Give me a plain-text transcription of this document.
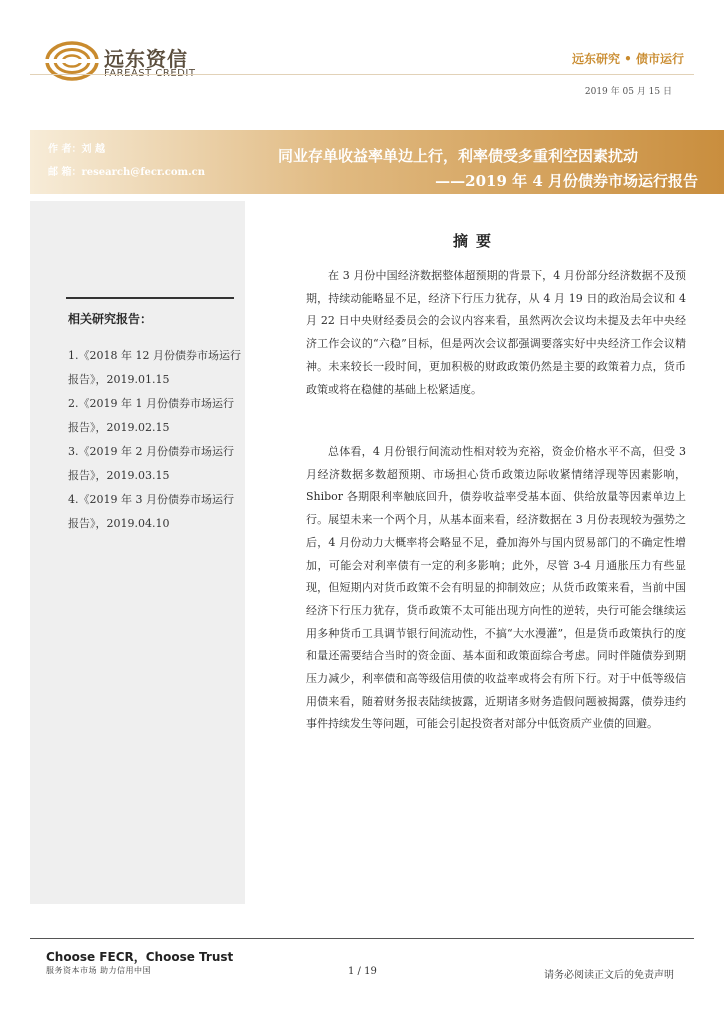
远东资信	远东研究 • 债市运行
2019 年 05 月 15 日
作 者：刘 越
邮 箱：research@fecr.com.cn
同业存单收益率单边上行，利率债受多重利空因素扰动
——2019 年 4 月份债券市场运行报告
相关研究报告：
1.《2018 年 12 月份债券市场运行报告》，2019.01.15
2.《2019 年 1 月份债券市场运行报告》，2019.02.15
3.《2019 年 2 月份债券市场运行报告》，2019.03.15
4.《2019 年 3 月份债券市场运行报告》，2019.04.10
摘要

在 3 月份中国经济数据整体超预期的背景下，4 月份部分经济数据不及预期，持续动能略显不足，经济下行压力犹存，从 4 月 19 日的政治局会议和 4 月 22 日中央财经委员会的会议内容来看，虽然两次会议均未提及去年中央经济工作会议的“六稳”目标，但是两次会议都强调要落实好中央经济工作会议精神。未来较长一段时间，更加积极的财政政策仍然是主要的政策着力点，货币政策或将在稳健的基础上松紧适度。

总体看，4 月份银行间流动性相对较为充裕，资金价格水平不高，但受 3 月经济数据多数超预期、市场担心货币政策边际收紧情绪浮现等因素影响，Shibor 各期限利率触底回升，债券收益率受基本面、供给放量等因素单边上行。展望未来一个两个月，从基本面来看，经济数据在 3 月份表现较为强势之后，4 月份动力大概率将会略显不足，叠加海外与国内贸易部门的不确定性增加，可能会对利率债有一定的利多影响；此外，尽管 3-4 月通胀压力有些显现，但短期内对货币政策不会有明显的抑制效应；从货币政策来看，当前中国经济下行压力犹存，货币政策不太可能出现方向性的逆转，央行可能会继续运用多种货币工具调节银行间流动性，不搞“大水漫灌”，但是货币政策执行的度和量还需要结合当时的资金面、基本面和政策面综合考虑。同时伴随债券到期压力减少，利率债和高等级信用债的收益率或将会有所下行。对于中低等级信用债来看，随着财务报表陆续披露，近期诸多财务造假问题被揭露，债券违约事件持续发生等问题，可能会引起投资者对部分中低资质产业债的回避。

Choose FECR，Choose Trust
服务资本市场 助力信用中国	1 / 19	请务必阅读正文后的免责声明
